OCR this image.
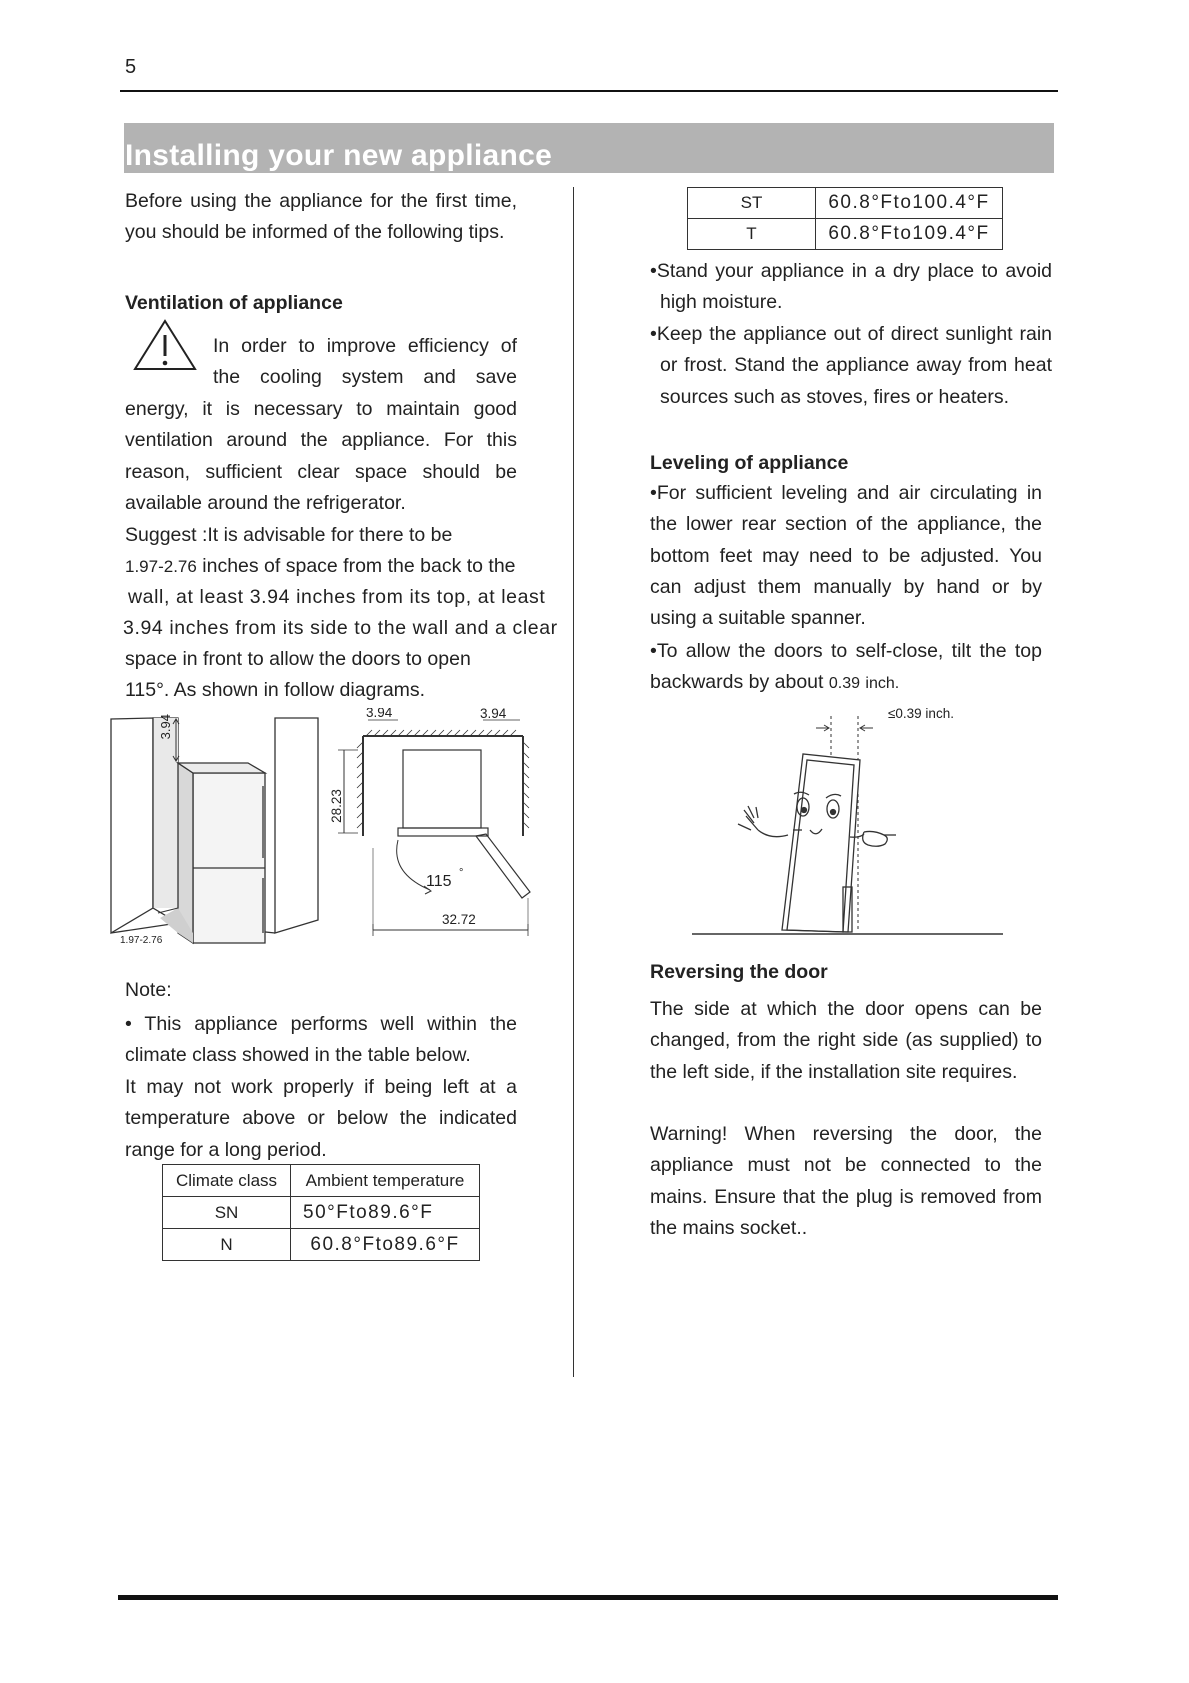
5
Installing your new appliance
Before using the appliance for the first time, you should be informed of the following tips.
Ventilation of appliance

In order to improve efficiency of

the cooling system and save

energy, it is necessary to maintain good ventilation around the appliance. For this reason, sufficient clear space should be available around the refrigerator.
Suggest :It is advisable for there to be
1.97-2.76 inches of space from the back to the
wall, at least 3.94 inches from its top, at least
3.94 inches from its side to the wall and a clear
space in front to allow the doors to open
115°. As shown in follow diagrams.
3.94
1.97-2.76
3.94	3.94
28.23
115 °
32.72
Note:
• This appliance performs well within the climate class showed in the table below.
It may not work properly if being left at a temperature above or below the indicated range for a long period.
Climate class	Ambient temperature
SN	50°Fto89.6°F
N	60.8°Fto89.6°F
ST	60.8°Fto100.4°F
T	60.8°Fto109.4°F
•Stand your appliance in a dry place to avoid high moisture.
•Keep the appliance out of direct sunlight rain or frost. Stand the appliance away from heat sources such as stoves, fires or heaters.
Leveling of appliance
•For sufficient leveling and air circulating in the lower rear section of the appliance, the bottom feet may need to be adjusted. You can adjust them manually by hand or by using a suitable spanner.
•To allow the doors to self-close, tilt the top backwards by about 0.39 inch.
≤0.39 inch.
Reversing the door
The side at which the door opens can be changed, from the right side (as supplied) to the left side, if the installation site requires.
Warning! When reversing the door, the appliance must not be connected to the mains. Ensure that the plug is removed from the mains socket..
